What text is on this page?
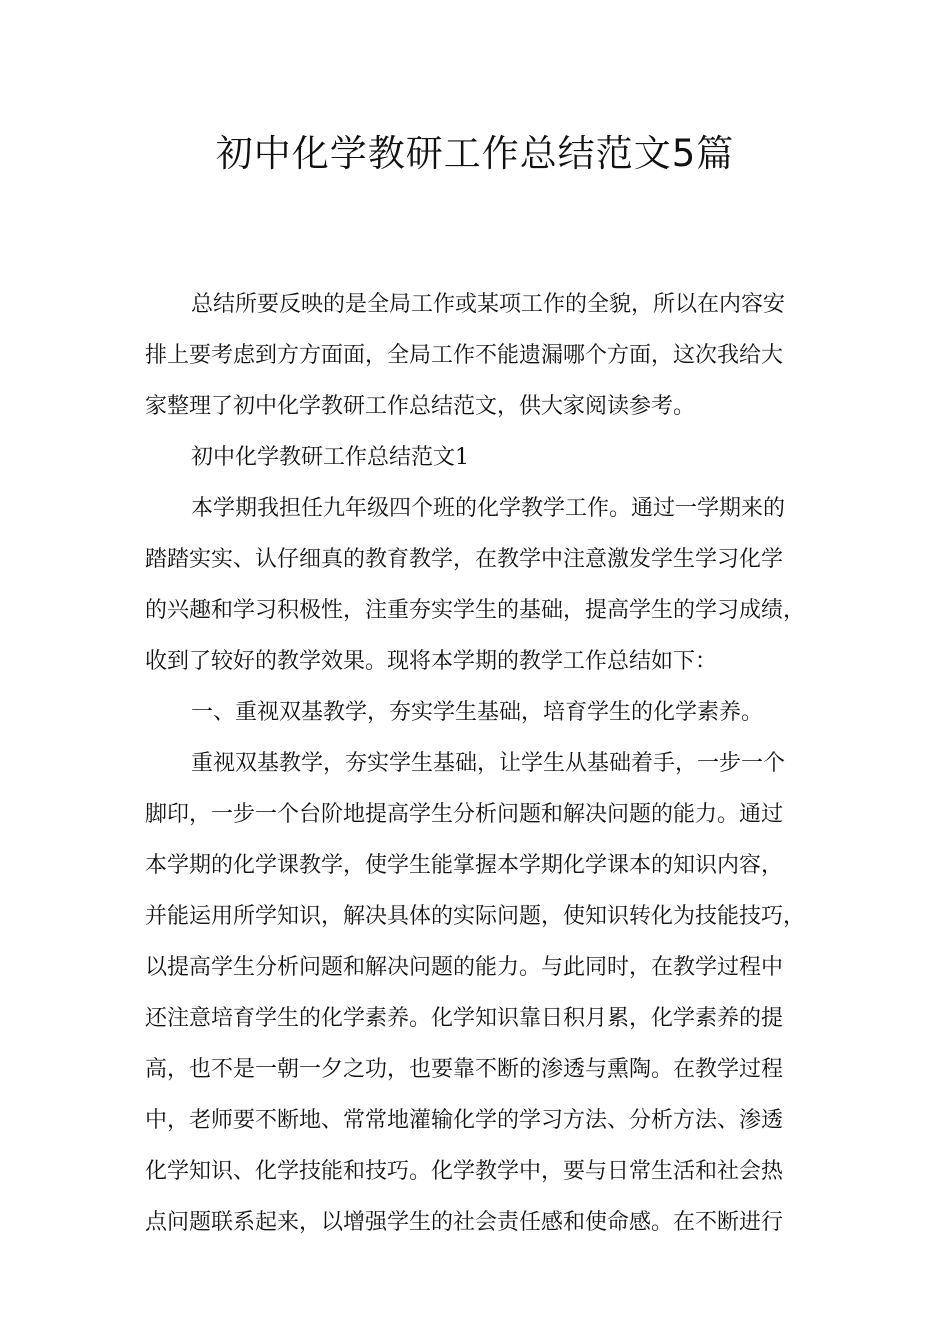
初中化学教研工作总结范文5篇
总结所要反映的是全局工作或某项工作的全貌，所以在内容安
排上要考虑到方方面面，全局工作不能遗漏哪个方面，这次我给大
家整理了初中化学教研工作总结范文，供大家阅读参考。
初中化学教研工作总结范文1
本学期我担任九年级四个班的化学教学工作。通过一学期来的
踏踏实实、认仔细真的教育教学，在教学中注意激发学生学习化学
的兴趣和学习积极性，注重夯实学生的基础，提高学生的学习成绩，
收到了较好的教学效果。现将本学期的教学工作总结如下：
一、重视双基教学，夯实学生基础，培育学生的化学素养。
重视双基教学，夯实学生基础，让学生从基础着手，一步一个
脚印，一步一个台阶地提高学生分析问题和解决问题的能力。通过
本学期的化学课教学，使学生能掌握本学期化学课本的知识内容，
并能运用所学知识，解决具体的实际问题，使知识转化为技能技巧，
以提高学生分析问题和解决问题的能力。与此同时，在教学过程中
还注意培育学生的化学素养。化学知识靠日积月累，化学素养的提
高，也不是一朝一夕之功，也要靠不断的渗透与熏陶。在教学过程
中，老师要不断地、常常地灌输化学的学习方法、分析方法、渗透
化学知识、化学技能和技巧。化学教学中，要与日常生活和社会热
点问题联系起来，以增强学生的社会责任感和使命感。在不断进行
